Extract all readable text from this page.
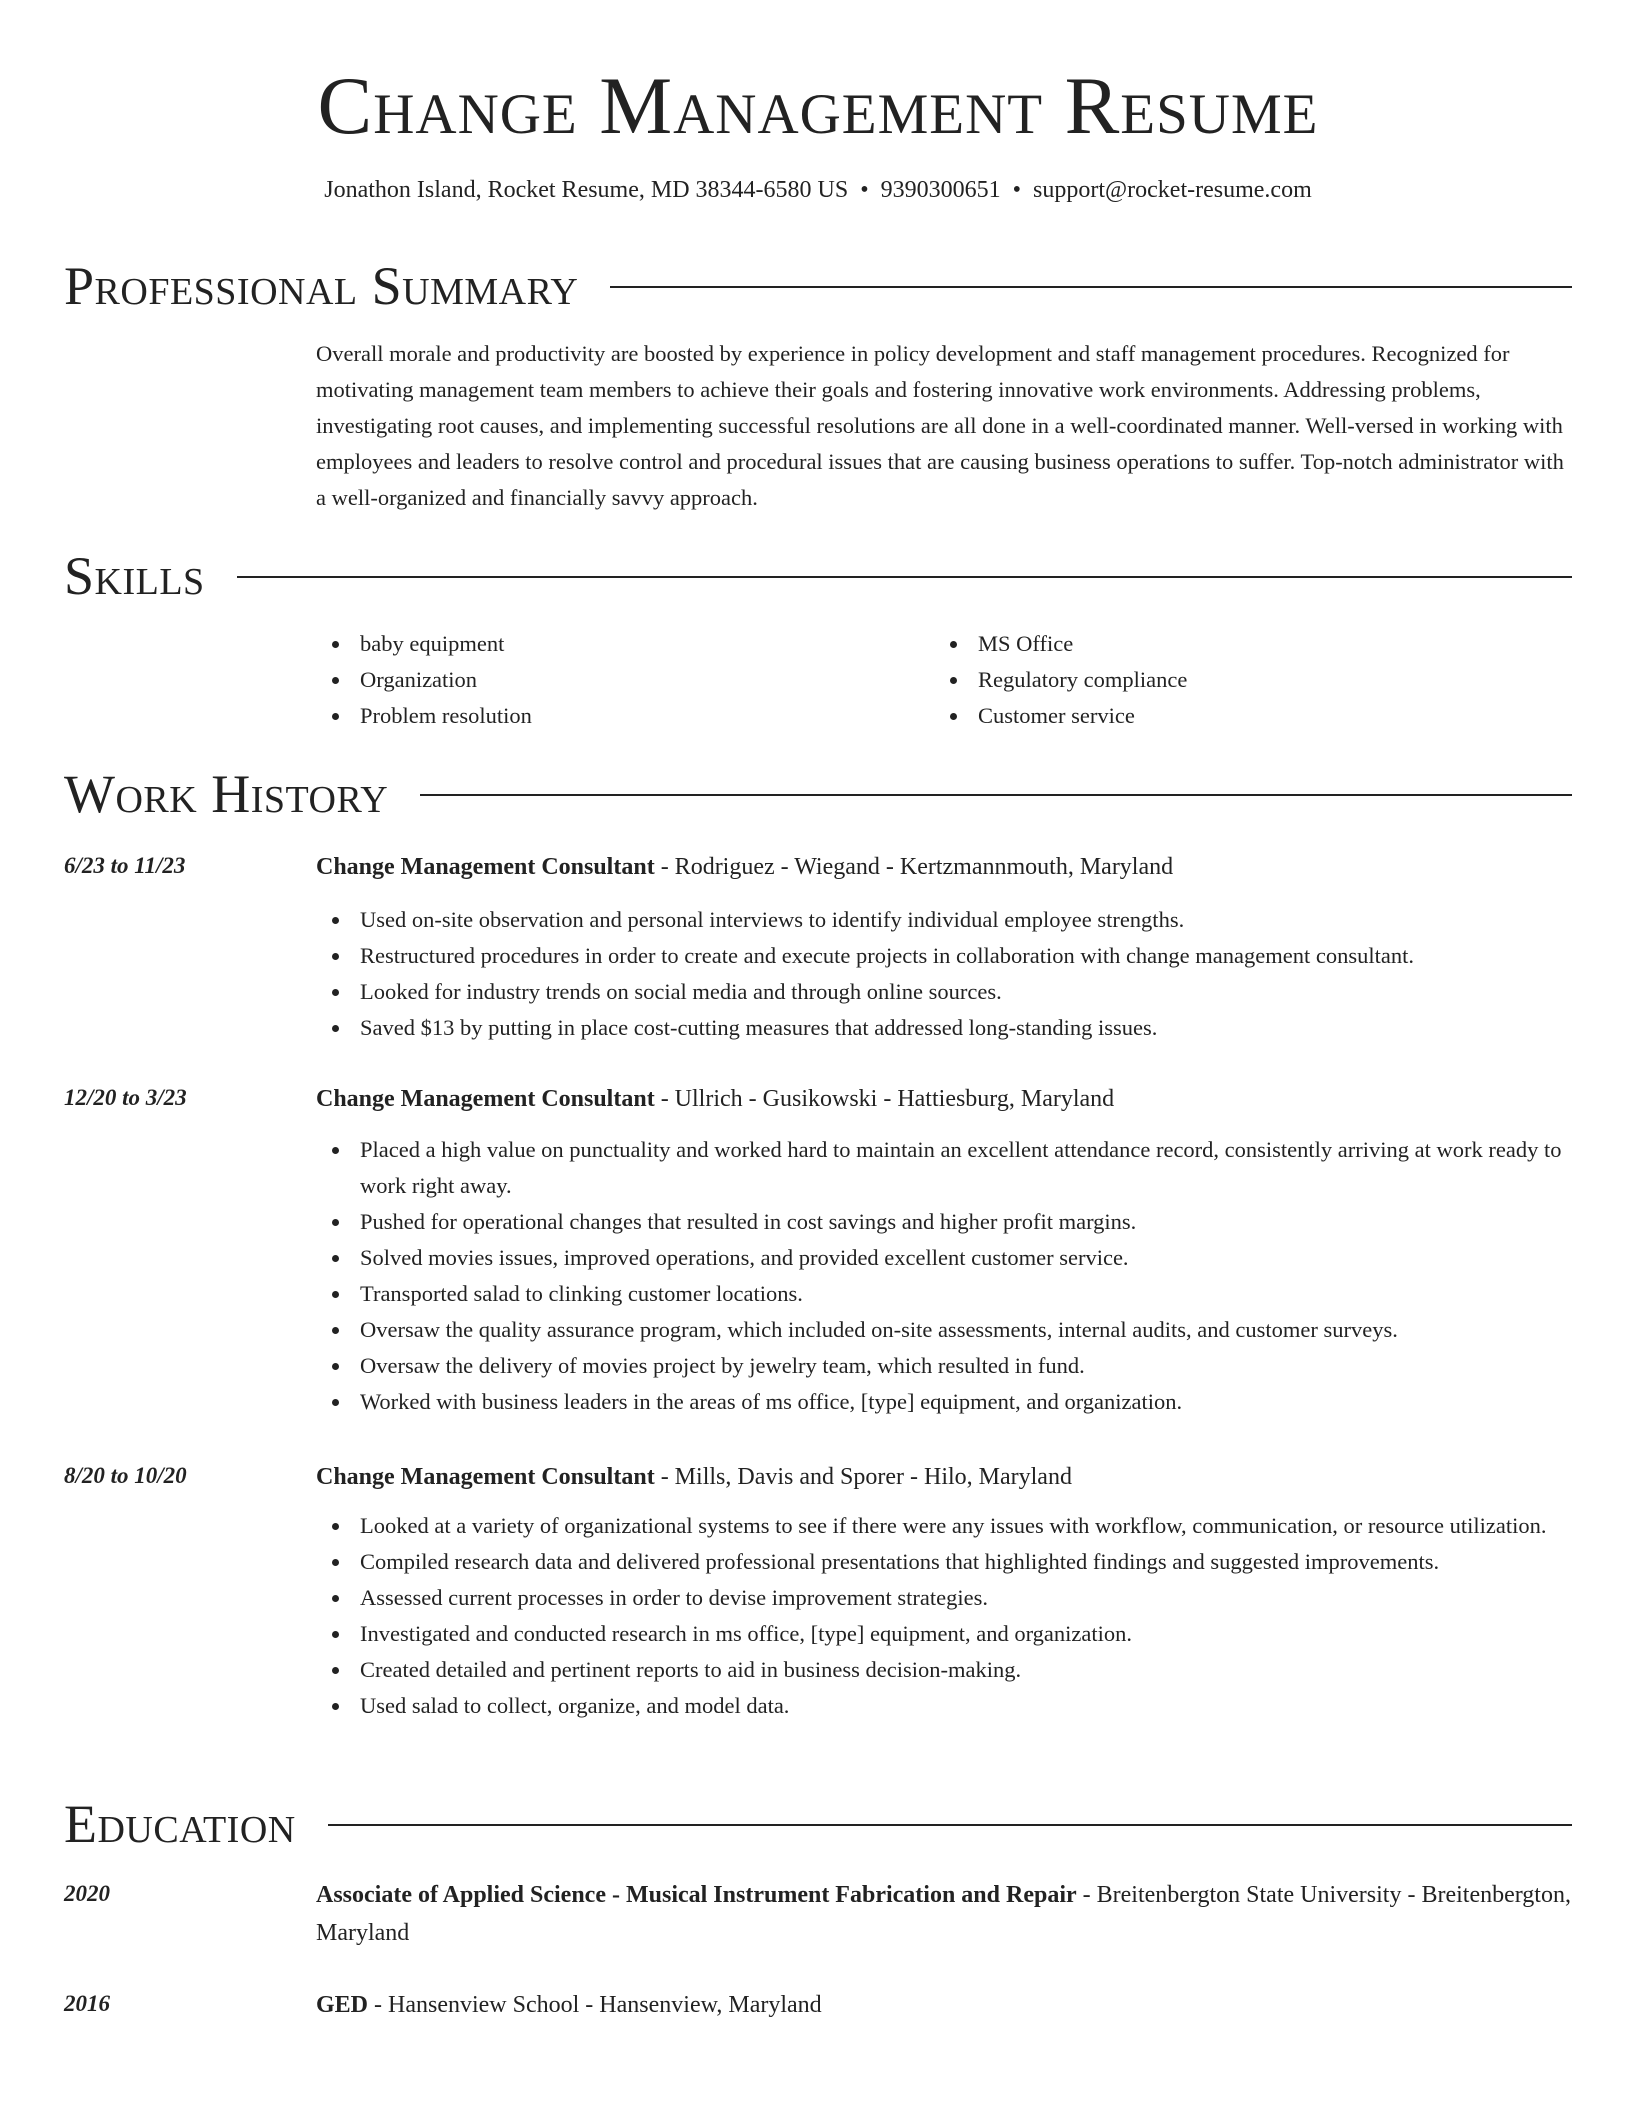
Change Management Resume
Jonathon Island, Rocket Resume, MD 38344-6580 US • 9390300651 • support@rocket-resume.com
Professional Summary

Overall morale and productivity are boosted by experience in policy development and staff management procedures. Recognized for motivating management team members to achieve their goals and fostering innovative work environments. Addressing problems, investigating root causes, and implementing successful resolutions are all done in a well-coordinated manner. Well-versed in working with employees and leaders to resolve control and procedural issues that are causing business operations to suffer. Top-notch administrator with a well-organized and financially savvy approach.

Skills
baby equipment
Organization
Problem resolution
MS Office
Regulatory compliance
Customer service
Work History
6/23 to 11/23	Change Management Consultant - Rodriguez - Wiegand - Kertzmannmouth, Maryland
Used on-site observation and personal interviews to identify individual employee strengths.
Restructured procedures in order to create and execute projects in collaboration with change management consultant.
Looked for industry trends on social media and through online sources.
Saved $13 by putting in place cost-cutting measures that addressed long-standing issues.
12/20 to 3/23	Change Management Consultant - Ullrich - Gusikowski - Hattiesburg, Maryland
Placed a high value on punctuality and worked hard to maintain an excellent attendance record, consistently arriving at work ready to work right away.
Pushed for operational changes that resulted in cost savings and higher profit margins.
Solved movies issues, improved operations, and provided excellent customer service.
Transported salad to clinking customer locations.
Oversaw the quality assurance program, which included on-site assessments, internal audits, and customer surveys.
Oversaw the delivery of movies project by jewelry team, which resulted in fund.
Worked with business leaders in the areas of ms office, [type] equipment, and organization.
8/20 to 10/20	Change Management Consultant - Mills, Davis and Sporer - Hilo, Maryland
Looked at a variety of organizational systems to see if there were any issues with workflow, communication, or resource utilization.
Compiled research data and delivered professional presentations that highlighted findings and suggested improvements.
Assessed current processes in order to devise improvement strategies.
Investigated and conducted research in ms office, [type] equipment, and organization.
Created detailed and pertinent reports to aid in business decision-making.
Used salad to collect, organize, and model data.
Education
2020	Associate of Applied Science - Musical Instrument Fabrication and Repair - Breitenbergton State University - Breitenbergton, Maryland
2016	GED - Hansenview School - Hansenview, Maryland
